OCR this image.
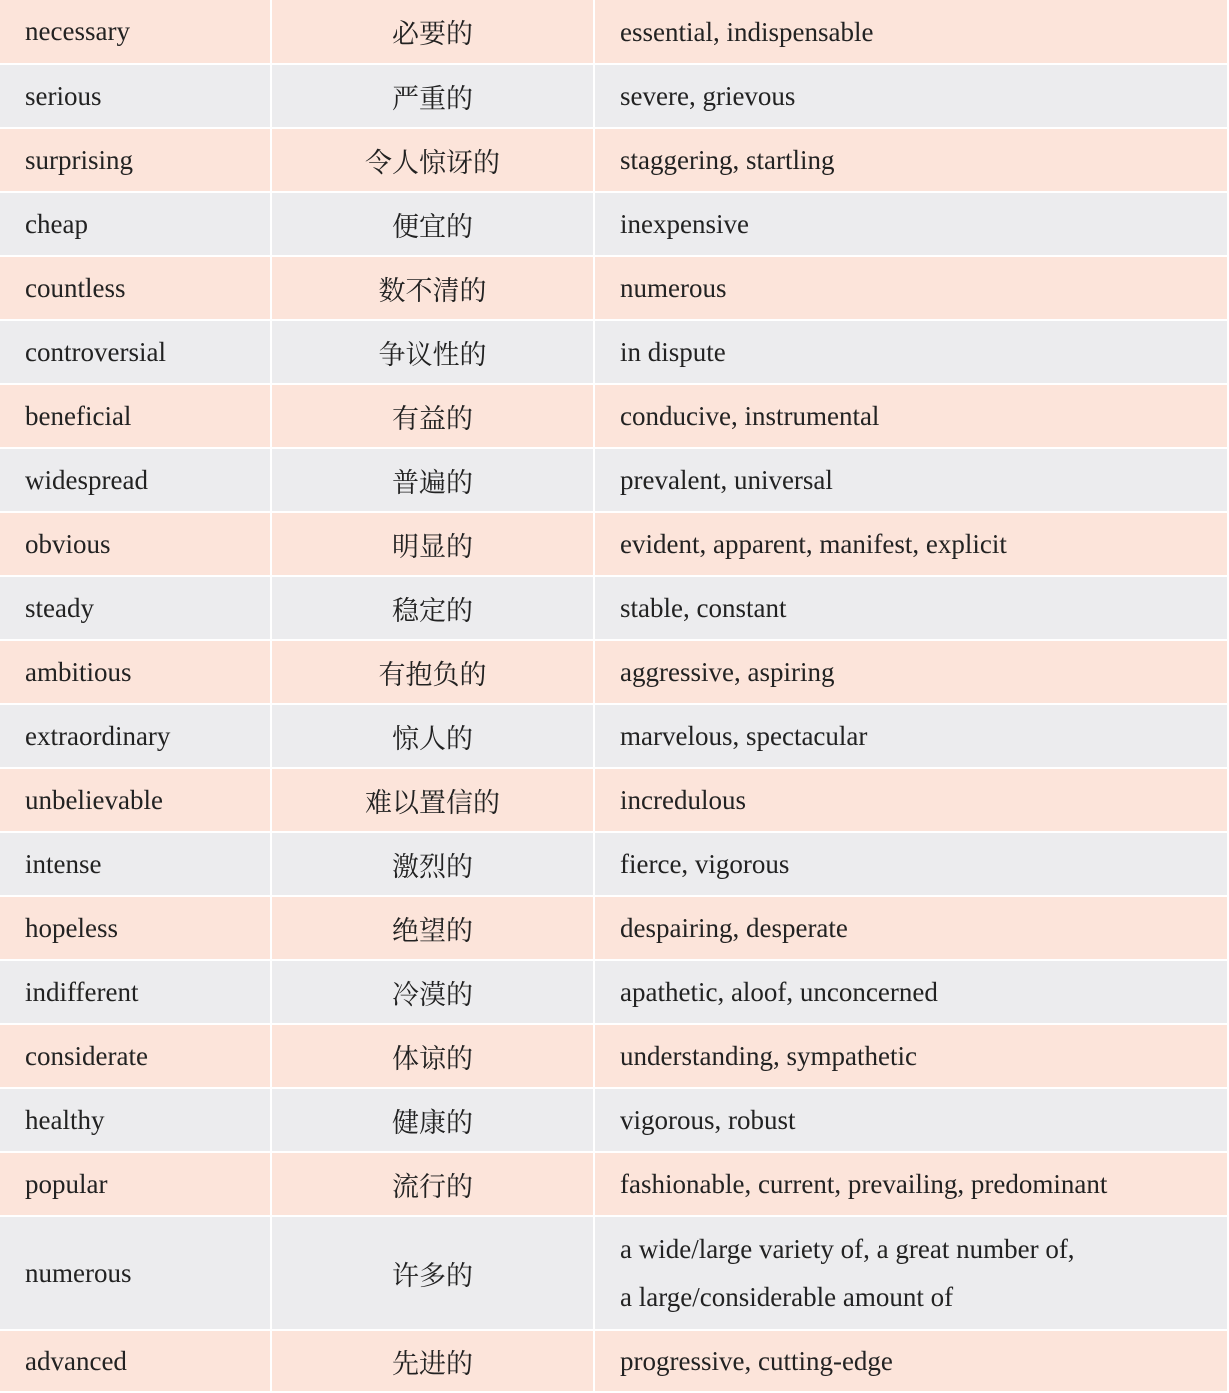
necessary	必要的	essential, indispensable

serious	严重的	severe, grievous

surprising	令人惊讶的	staggering, startling

cheap	便宜的	inexpensive

countless	数不清的	numerous

controversial	争议性的	in dispute

beneficial	有益的	conducive, instrumental

widespread	普遍的	prevalent, universal

obvious	明显的	evident, apparent, manifest, explicit

steady	稳定的	stable, constant

ambitious	有抱负的	aggressive, aspiring

extraordinary	惊人的	marvelous, spectacular

unbelievable	难以置信的	incredulous

intense	激烈的	fierce, vigorous

hopeless	绝望的	despairing, desperate

indifferent	冷漠的	apathetic, aloof, unconcerned

considerate	体谅的	understanding, sympathetic

healthy	健康的	vigorous, robust

popular	流行的	fashionable, current, prevailing, predominant

numerous	许多的	a wide/large variety of, a great number of,
a large/considerable amount of

advanced	先进的	progressive, cutting-edge
